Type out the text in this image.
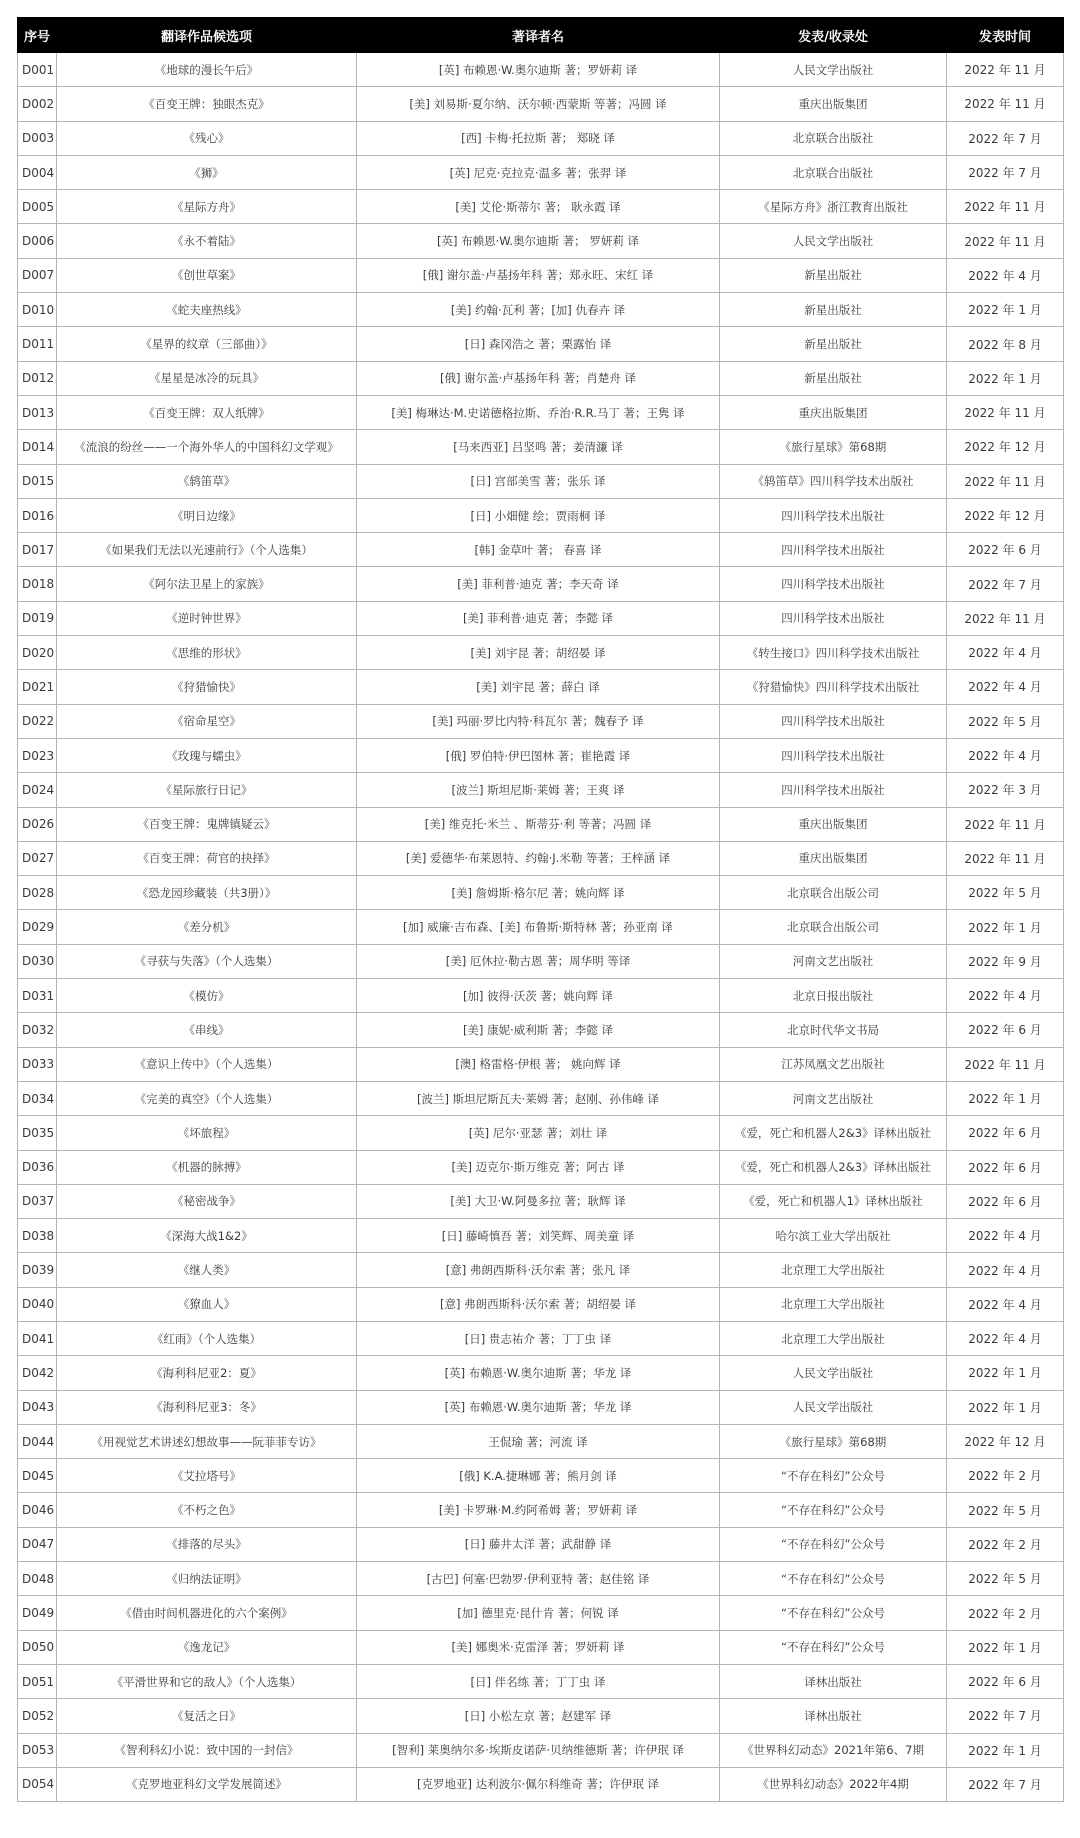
序号	翻译作品候选项	著译者名	发表/收录处	发表时间
D001	《地球的漫长午后》	[英] 布赖恩·W.奥尔迪斯 著；罗妍莉 译	人民文学出版社	2022 年 11 月
D002	《百变王牌：独眼杰克》	[美] 刘易斯·夏尔纳、沃尔顿·西蒙斯 等著；冯圆 译	重庆出版集团	2022 年 11 月
D003	《残心》	[西] 卡梅·托拉斯 著； 郑晓 译	北京联合出版社	2022 年 7 月
D004	《狮》	[英] 尼克·克拉克·温多 著；张羿 译	北京联合出版社	2022 年 7 月
D005	《星际方舟》	[美] 艾伦·斯蒂尔 著； 耿永霞 译	《星际方舟》浙江教育出版社	2022 年 11 月
D006	《永不着陆》	[英] 布赖恩·W.奥尔迪斯 著； 罗妍莉 译	人民文学出版社	2022 年 11 月
D007	《创世草案》	[俄] 谢尔盖·卢基扬年科 著；郑永旺、宋红 译	新星出版社	2022 年 4 月
D010	《蛇夫座热线》	[美] 约翰·瓦利 著；[加] 仇春卉 译	新星出版社	2022 年 1 月
D011	《星界的纹章（三部曲）》	[日] 森冈浩之 著；栗露怡 译	新星出版社	2022 年 8 月
D012	《星星是冰冷的玩具》	[俄] 谢尔盖·卢基扬年科 著；肖楚舟 译	新星出版社	2022 年 1 月
D013	《百变王牌：双人纸牌》	[美] 梅琳达·M.史诺德格拉斯、乔治·R.R.马丁 著；王隽 译	重庆出版集团	2022 年 11 月
D014	《流浪的纷丝——一个海外华人的中国科幻文学观》	[马来西亚] 吕坚鸣 著；姜清濂 译	《旅行星球》第68期	2022 年 12 月
D015	《鸫笛草》	[日] 宫部美雪 著；张乐 译	《鸫笛草》四川科学技术出版社	2022 年 11 月
D016	《明日边缘》	[日] 小畑健 绘；贾雨桐 译	四川科学技术出版社	2022 年 12 月
D017	《如果我们无法以光速前行》（个人选集）	[韩] 金草叶 著； 春喜 译	四川科学技术出版社	2022 年 6 月
D018	《阿尔法卫星上的家族》	[美] 菲利普·迪克 著；李天奇 译	四川科学技术出版社	2022 年 7 月
D019	《逆时钟世界》	[美] 菲利普·迪克 著；李懿 译	四川科学技术出版社	2022 年 11 月
D020	《思维的形状》	[美] 刘宇昆 著；胡绍晏 译	《转生接口》四川科学技术出版社	2022 年 4 月
D021	《狩猎愉快》	[美] 刘宇昆 著；薛白 译	《狩猎愉快》四川科学技术出版社	2022 年 4 月
D022	《宿命星空》	[美] 玛丽·罗比内特·科瓦尔 著；魏春予 译	四川科学技术出版社	2022 年 5 月
D023	《玫瑰与蠕虫》	[俄] 罗伯特·伊巴图林 著；崔艳霞 译	四川科学技术出版社	2022 年 4 月
D024	《星际旅行日记》	[波兰] 斯坦尼斯·莱姆 著；王爽 译	四川科学技术出版社	2022 年 3 月
D026	《百变王牌：鬼牌镇疑云》	[美] 维克托·米兰 、斯蒂芬·利 等著；冯圆 译	重庆出版集团	2022 年 11 月
D027	《百变王牌：荷官的抉择》	[美] 爱德华·布莱恩特、约翰·J.米勒 等著；王梓涵 译	重庆出版集团	2022 年 11 月
D028	《恐龙园珍藏装（共3册）》	[美] 詹姆斯·格尔尼 著；姚向辉 译	北京联合出版公司	2022 年 5 月
D029	《差分机》	[加] 威廉·吉布森、[美] 布鲁斯·斯特林 著；孙亚南 译	北京联合出版公司	2022 年 1 月
D030	《寻获与失落》（个人选集）	[美] 厄休拉·勒古恩 著；周华明 等译	河南文艺出版社	2022 年 9 月
D031	《模仿》	[加] 彼得·沃茨 著；姚向辉 译	北京日报出版社	2022 年 4 月
D032	《串线》	[美] 康妮·威利斯 著；李懿 译	北京时代华文书局	2022 年 6 月
D033	《意识上传中》（个人选集）	[澳] 格雷格·伊根 著； 姚向辉 译	江苏凤凰文艺出版社	2022 年 11 月
D034	《完美的真空》（个人选集）	[波兰] 斯坦尼斯瓦夫·莱姆 著；赵刚、孙伟峰 译	河南文艺出版社	2022 年 1 月
D035	《坏旅程》	[英] 尼尔·亚瑟 著；刘壮 译	《爱，死亡和机器人2&3》译林出版社	2022 年 6 月
D036	《机器的脉搏》	[美] 迈克尔·斯万维克 著；阿古 译	《爱，死亡和机器人2&3》译林出版社	2022 年 6 月
D037	《秘密战争》	[美] 大卫·W.阿曼多拉 著；耿辉 译	《爱，死亡和机器人1》译林出版社	2022 年 6 月
D038	《深海大战1&2》	[日] 藤崎慎吾 著；刘笑辉、周美童 译	哈尔滨工业大学出版社	2022 年 4 月
D039	《继人类》	[意] 弗朗西斯科·沃尔索 著；张凡 译	北京理工大学出版社	2022 年 4 月
D040	《獠血人》	[意] 弗朗西斯科·沃尔索 著；胡绍晏 译	北京理工大学出版社	2022 年 4 月
D041	《红雨》（个人选集）	[日] 贵志祐介 著；丁丁虫 译	北京理工大学出版社	2022 年 4 月
D042	《海利科尼亚2：夏》	[英] 布赖恩·W.奥尔迪斯 著；华龙 译	人民文学出版社	2022 年 1 月
D043	《海利科尼亚3：冬》	[英] 布赖恩·W.奥尔迪斯 著；华龙 译	人民文学出版社	2022 年 1 月
D044	《用视觉艺术讲述幻想故事——阮菲菲专访》	王侃瑜 著；河流 译	《旅行星球》第68期	2022 年 12 月
D045	《艾拉塔号》	[俄] K.A.捷琳娜 著；熊月剑 译	“不存在科幻”公众号	2022 年 2 月
D046	《不朽之色》	[美] 卡罗琳·M.约阿希姆 著；罗妍莉 译	“不存在科幻”公众号	2022 年 5 月
D047	《排落的尽头》	[日] 藤井太洋 著；武甜静 译	“不存在科幻”公众号	2022 年 2 月
D048	《归纳法证明》	[古巴] 何塞·巴勃罗·伊利亚特 著；赵佳铭 译	“不存在科幻”公众号	2022 年 5 月
D049	《借由时间机器进化的六个案例》	[加] 德里克·昆什肯 著；何锐 译	“不存在科幻”公众号	2022 年 2 月
D050	《逸龙记》	[美] 娜奥米·克雷泽 著；罗妍莉 译	“不存在科幻”公众号	2022 年 1 月
D051	《平滑世界和它的敌人》（个人选集）	[日] 伴名练 著；丁丁虫 译	译林出版社	2022 年 6 月
D052	《复活之日》	[日] 小松左京 著；赵建军 译	译林出版社	2022 年 7 月
D053	《智利科幻小说：致中国的一封信》	[智利] 莱奥纳尔多·埃斯皮诺萨·贝纳维德斯 著；许伊珉 译	《世界科幻动态》2021年第6、7期	2022 年 1 月
D054	《克罗地亚科幻文学发展简述》	[克罗地亚] 达利波尔·佩尔科维奇 著；许伊珉 译	《世界科幻动态》2022年4期	2022 年 7 月
